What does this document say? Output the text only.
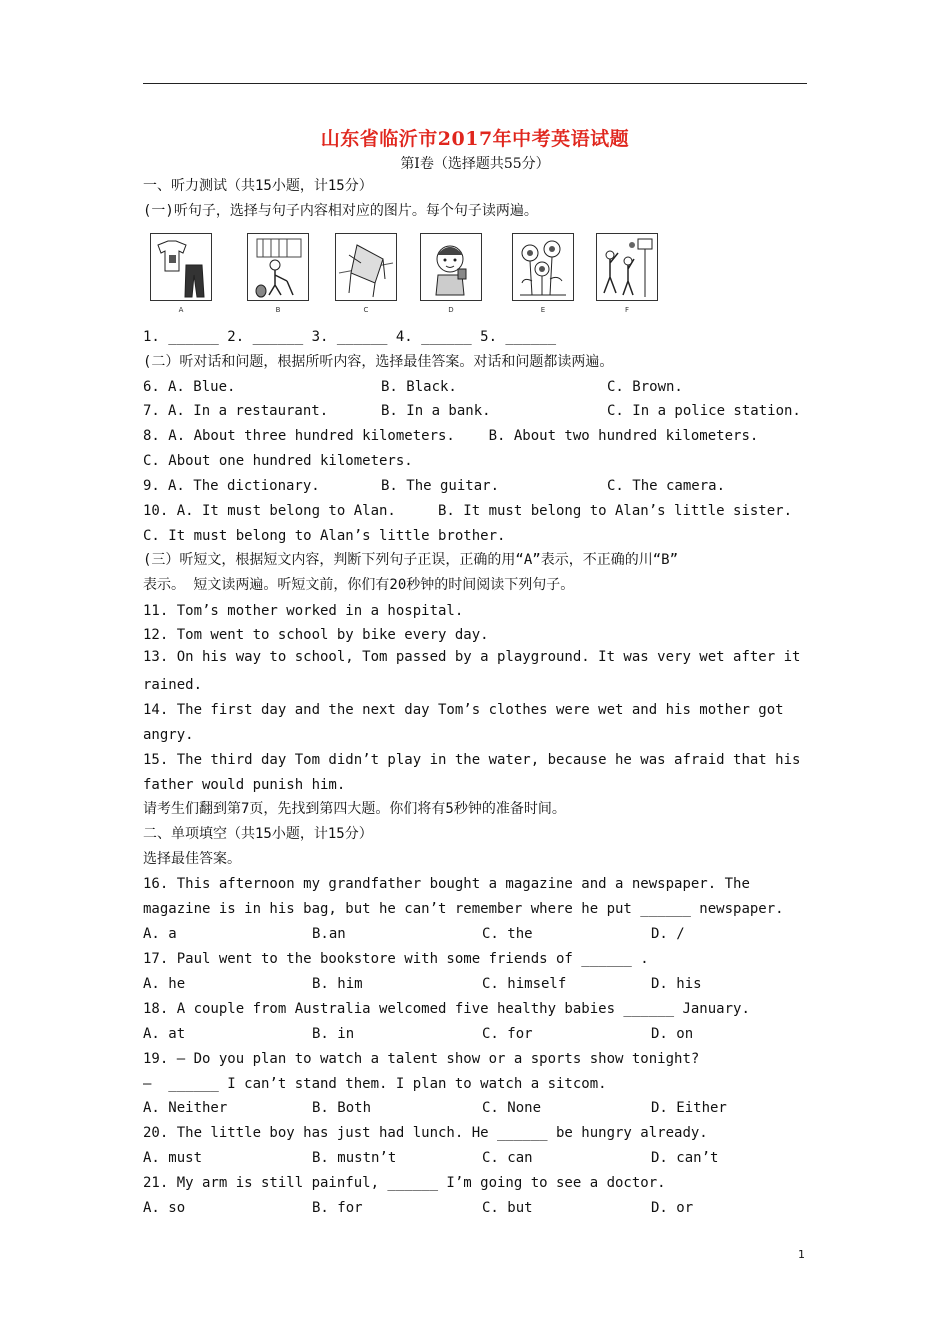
山东省临沂市2017年中考英语试题
第Ⅰ卷（选择题共55分）
一、听力测试（共15小题，计15分）
(一)听句子，选择与句子内容相对应的图片。每个句子读两遍。
A	B	C	D	E	F
1. ______ 2. ______ 3. ______ 4. ______ 5. ______
(二）听对话和问题，根据所听内容，选择最佳答案。对话和问题都读两遍。
6. A. Blue.	B. Black.	C. Brown.
7. A. In a restaurant.	B. In a bank.	C. In a police station.
8. A. About three hundred kilometers.    B. About two hundred kilometers.
C. About one hundred kilometers.
9. A. The dictionary.	B. The guitar.	C. The camera.
10. A. It must belong to Alan.     B. It must belong to Alan’s little sister.
C. It must belong to Alan’s little brother.
(三）听短文，根据短文内容，判断下列句子正误，正确的用“A”表示，不正确的川“B”
表示。 短文读两遍。听短文前，你们有20秒钟的时间阅读下列句子。
11. Tom’s mother worked in a hospital.
12. Tom went to school by bike every day.
13. On his way to school, Tom passed by a playground. It was very wet after it
rained.
14. The first day and the next day Tom’s clothes were wet and his mother got
angry.
15. The third day Tom didn’t play in the water, because he was afraid that his
father would punish him.
请考生们翻到第7页，先找到第四大题。你们将有5秒钟的准备时间。
二、单项填空（共15小题，计15分）
选择最佳答案。
16. This afternoon my grandfather bought a magazine and a newspaper. The
magazine is in his bag, but he can’t remember where he put ______ newspaper.
A. a	B.an	C. the	D. /
17. Paul went to the bookstore with some friends of ______ .
A. he	B. him	C. himself	D. his
18. A couple from Australia welcomed five healthy babies ______ January.
A. at	B. in	C. for	D. on
19. — Do you plan to watch a talent show or a sports show tonight?
—  ______ I can’t stand them. I plan to watch a sitcom.
A. Neither	B. Both	C. None	D. Either
20. The little boy has just had lunch. He ______ be hungry already.
A. must	B. mustn’t	C. can	D. can’t
21. My arm is still painful, ______ I’m going to see a doctor.
A. so	B. for	C. but	D. or
1
